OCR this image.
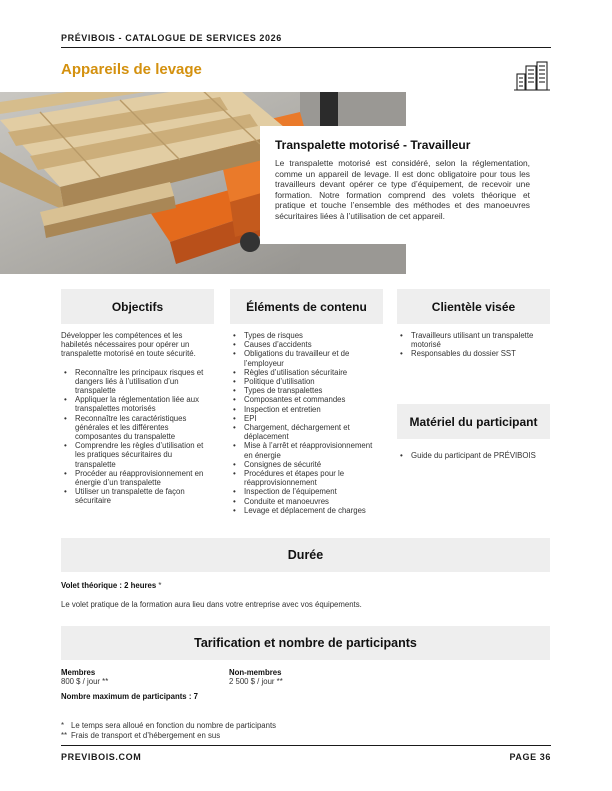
PRÉVIBOIS - CATALOGUE DE SERVICES 2026
Appareils de levage
Transpalette motorisé - Travailleur
Le transpalette motorisé est considéré, selon la réglementation, comme un appareil de levage. Il est donc obligatoire pour tous les travailleurs devant opérer ce type d’équipement, de recevoir une formation. Notre formation comprend des volets théorique et pratique et touche l’ensemble des méthodes et des manoeuvres sécuritaires liées à l’utilisation de cet appareil.
Objectifs	Éléments de contenu	Clientèle visée
Développer les compétences et les habiletés nécessaires pour opérer un transpalette motorisé en toute sécurité.
• Reconnaître les principaux risques et dangers liés à l’utilisation d’un transpalette
• Appliquer la réglementation liée aux transpalettes motorisés
• Reconnaître les caractéristiques générales et les différentes composantes du transpalette
• Comprendre les règles d’utilisation et les pratiques sécuritaires du transpalette
• Procéder au réapprovisionnement en énergie d’un transpalette
• Utiliser un transpalette de façon sécuritaire
• Types de risques
• Causes d’accidents
• Obligations du travailleur et de l’employeur
• Règles d’utilisation sécuritaire
• Politique d’utilisation
• Types de transpalettes
• Composantes et commandes
• Inspection et entretien
• EPI
• Chargement, déchargement et déplacement
• Mise à l’arrêt et réapprovisionnement en énergie
• Consignes de sécurité
• Procédures et étapes pour le réapprovisionnement
• Inspection de l’équipement
• Conduite et manoeuvres
• Levage et déplacement de charges
• Travailleurs utilisant un transpalette motorisé
• Responsables du dossier SST
Matériel du participant
• Guide du participant de PRÉVIBOIS
Durée
Volet théorique : 2 heures *
Le volet pratique de la formation aura lieu dans votre entreprise avec vos équipements.
Tarification et nombre de participants
Membres
800 $ / jour **
Non-membres
2 500 $ / jour **
Nombre maximum de participants : 7
* Le temps sera alloué en fonction du nombre de participants
** Frais de transport et d’hébergement en sus
PREVIBOIS.COM	PAGE 36
